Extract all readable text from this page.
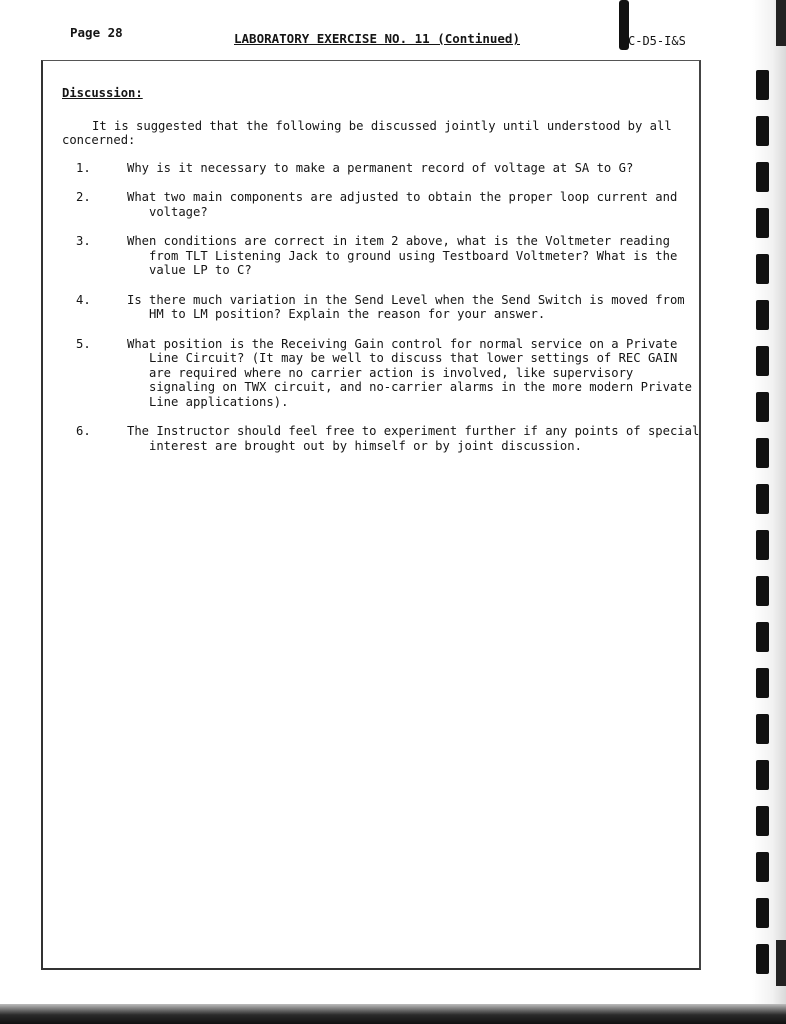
Page 28	LABORATORY EXERCISE NO. 11 (Continued)	C-D5-I&S
Discussion:

It is suggested that the following be discussed jointly until understood by all concerned:

1.	Why is it necessary to make a permanent record of voltage at SA to G?
2.	What two main components are adjusted to obtain the proper loop current and voltage?
3.	When conditions are correct in item 2 above, what is the Voltmeter reading from TLT Listening Jack to ground using Testboard Voltmeter? What is the value LP to C?
4.	Is there much variation in the Send Level when the Send Switch is moved from HM to LM position? Explain the reason for your answer.
5.	What position is the Receiving Gain control for normal service on a Private Line Circuit? (It may be well to discuss that lower settings of REC GAIN are required where no carrier action is involved, like supervisory signaling on TWX circuit, and no-carrier alarms in the more modern Private Line applications).
6.	The Instructor should feel free to experiment further if any points of special interest are brought out by himself or by joint discussion.
